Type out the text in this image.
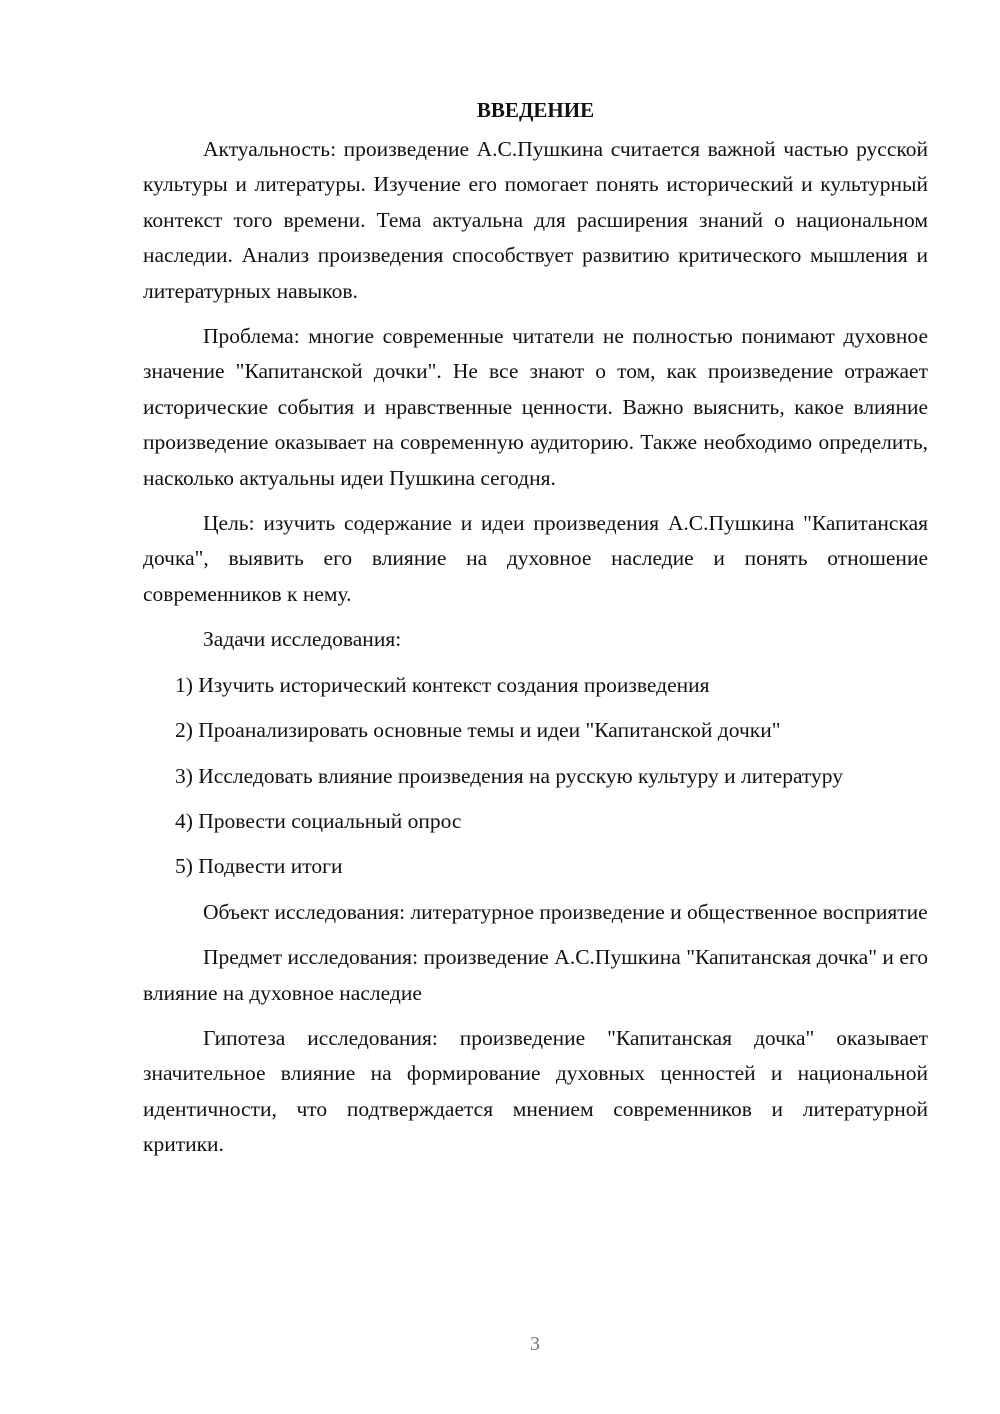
ВВЕДЕНИЕ

Актуальность: произведение А.С.Пушкина считается важной частью русской культуры и литературы. Изучение его помогает понять исторический и культурный контекст того времени. Тема актуальна для расширения знаний о национальном наследии. Анализ произведения способствует развитию критического мышления и литературных навыков.

Проблема: многие современные читатели не полностью понимают духовное значение "Капитанской дочки". Не все знают о том, как произведение отражает исторические события и нравственные ценности. Важно выяснить, какое влияние произведение оказывает на современную аудиторию. Также необходимо определить, насколько актуальны идеи Пушкина сегодня.

Цель: изучить содержание и идеи произведения А.С.Пушкина "Капитанская дочка", выявить его влияние на духовное наследие и понять отношение современников к нему.

Задачи исследования:

1) Изучить исторический контекст создания произведения

2) Проанализировать основные темы и идеи "Капитанской дочки"

3) Исследовать влияние произведения на русскую культуру и литературу

4) Провести социальный опрос

5) Подвести итоги

Объект исследования: литературное произведение и общественное восприятие

Предмет исследования: произведение А.С.Пушкина "Капитанская дочка" и его влияние на духовное наследие

Гипотеза исследования: произведение "Капитанская дочка" оказывает значительное влияние на формирование духовных ценностей и национальной идентичности, что подтверждается мнением современников и литературной критики.

3
